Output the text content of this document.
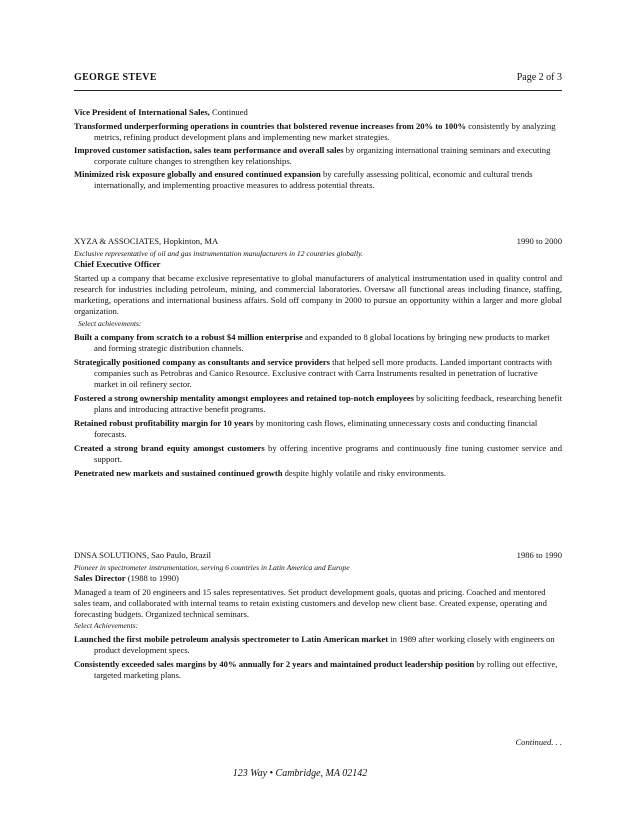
GEORGE STEVE	Page 2 of 3
Vice President of International Sales, Continued
Transformed underperforming operations in countries that bolstered revenue increases from 20% to 100% consistently by analyzing metrics, refining product development plans and implementing new market strategies.
Improved customer satisfaction, sales team performance and overall sales by organizing international training seminars and executing corporate culture changes to strengthen key relationships.
Minimized risk exposure globally and ensured continued expansion by carefully assessing political, economic and cultural trends internationally, and implementing proactive measures to address potential threats.
XYZA & ASSOCIATES, Hopkinton, MA	1990 to 2000
Exclusive representative of oil and gas instrumentation manufacturers in 12 countries globally.
Chief Executive Officer
Started up a company that became exclusive representative to global manufacturers of analytical instrumentation used in quality control and research for industries including petroleum, mining, and commercial laboratories. Oversaw all functional areas including finance, staffing, marketing, operations and international business affairs. Sold off company in 2000 to pursue an opportunity within a larger and more global organization.
Select achievements:
Built a company from scratch to a robust $4 million enterprise and expanded to 8 global locations by bringing new products to market and forming strategic distribution channels.
Strategically positioned company as consultants and service providers that helped sell more products. Landed important contracts with companies such as Petrobras and Canico Resource. Exclusive contract with Carra Instruments resulted in penetration of lucrative market in oil refinery sector.
Fostered a strong ownership mentality amongst employees and retained top-notch employees by soliciting feedback, researching benefit plans and introducing attractive benefit programs.
Retained robust profitability margin for 10 years by monitoring cash flows, eliminating unnecessary costs and conducting financial forecasts.
Created a strong brand equity amongst customers by offering incentive programs and continuously fine tuning customer service and support.
Penetrated new markets and sustained continued growth despite highly volatile and risky environments.
DNSA SOLUTIONS, Sao Paulo, Brazil	1986 to 1990
Pioneer in spectrometer instrumentation, serving 6 countries in Latin America and Europe
Sales Director (1988 to 1990)
Managed a team of 20 engineers and 15 sales representatives. Set product development goals, quotas and pricing. Coached and mentored sales team, and collaborated with internal teams to retain existing customers and develop new client base. Created expense, operating and forecasting budgets. Organized technical seminars.
Select Achievements:
Launched the first mobile petroleum analysis spectrometer to Latin American market in 1989 after working closely with engineers on product development specs.
Consistently exceeded sales margins by 40% annually for 2 years and maintained product leadership position by rolling out effective, targeted marketing plans.
Continued. . .
123 Way • Cambridge, MA 02142
